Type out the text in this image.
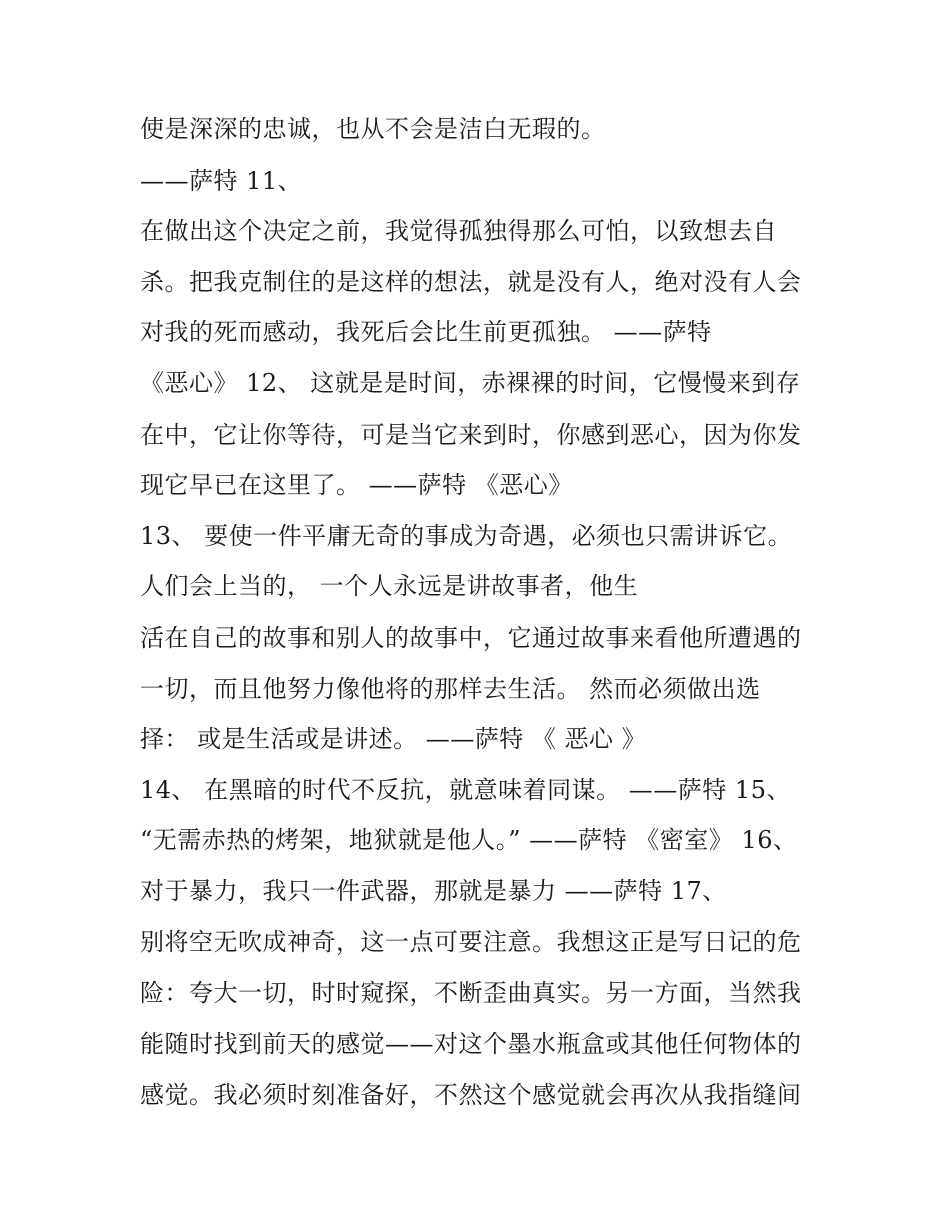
使是深深的忠诚，也从不会是洁白无瑕的。
——萨特 11、
在做出这个决定之前，我觉得孤独得那么可怕，以致想去自
杀。把我克制住的是这样的想法，就是没有人，绝对没有人会
对我的死而感动，我死后会比生前更孤独。 ——萨特
《恶心》 12、 这就是是时间，赤裸裸的时间，它慢慢来到存
在中，它让你等待，可是当它来到时，你感到恶心，因为你发
现它早已在这里了。 ——萨特 《恶心》
13、 要使一件平庸无奇的事成为奇遇，必须也只需讲诉它。
人们会上当的， 一个人永远是讲故事者，他生
活在自己的故事和别人的故事中，它通过故事来看他所遭遇的
一切，而且他努力像他将的那样去生活。 然而必须做出选
择： 或是生活或是讲述。 ——萨特 《 恶心 》
14、 在黑暗的时代不反抗，就意味着同谋。 ——萨特 15、
“无需赤热的烤架，地狱就是他人。” ——萨特 《密室》 16、
对于暴力，我只一件武器，那就是暴力 ——萨特 17、
别将空无吹成神奇，这一点可要注意。我想这正是写日记的危
险：夸大一切，时时窥探，不断歪曲真实。另一方面，当然我
能随时找到前天的感觉——对这个墨水瓶盒或其他任何物体的
感觉。我必须时刻准备好，不然这个感觉就会再次从我指缝间
